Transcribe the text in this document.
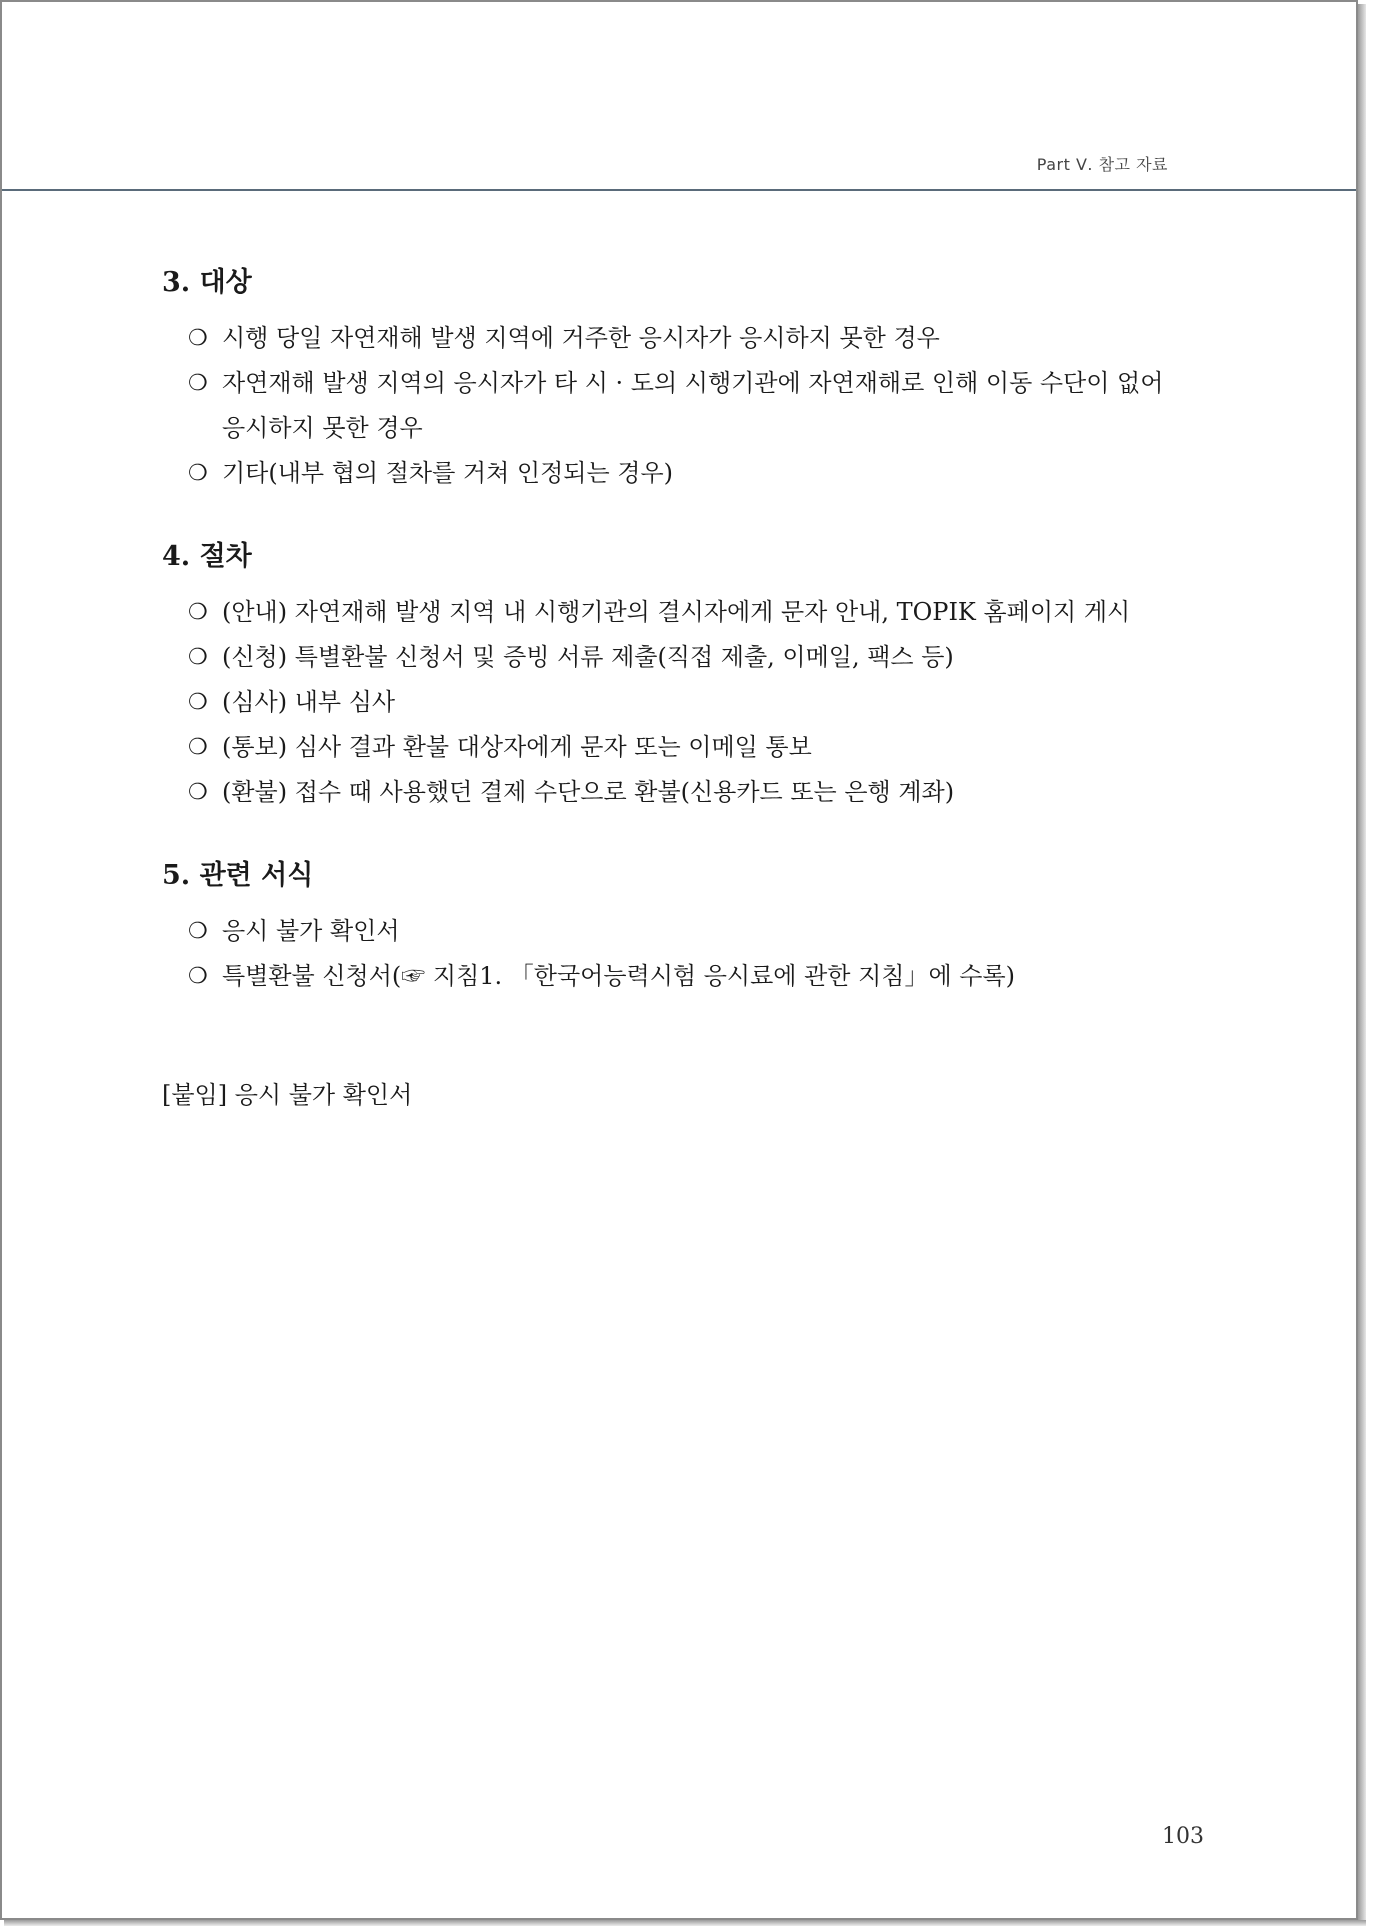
Part Ⅴ. 참고 자료
3. 대상
❍ 시행 당일 자연재해 발생 지역에 거주한 응시자가 응시하지 못한 경우
❍ 자연재해 발생 지역의 응시자가 타 시 · 도의 시행기관에 자연재해로 인해 이동 수단이 없어 응시하지 못한 경우
❍ 기타(내부 협의 절차를 거쳐 인정되는 경우)
4. 절차
❍ (안내) 자연재해 발생 지역 내 시행기관의 결시자에게 문자 안내, TOPIK 홈페이지 게시
❍ (신청) 특별환불 신청서 및 증빙 서류 제출(직접 제출, 이메일, 팩스 등)
❍ (심사) 내부 심사
❍ (통보) 심사 결과 환불 대상자에게 문자 또는 이메일 통보
❍ (환불) 접수 때 사용했던 결제 수단으로 환불(신용카드 또는 은행 계좌)
5. 관련 서식
❍ 응시 불가 확인서
❍ 특별환불 신청서(☞ 지침1. 「한국어능력시험 응시료에 관한 지침」에 수록)
[붙임] 응시 불가 확인서
103
